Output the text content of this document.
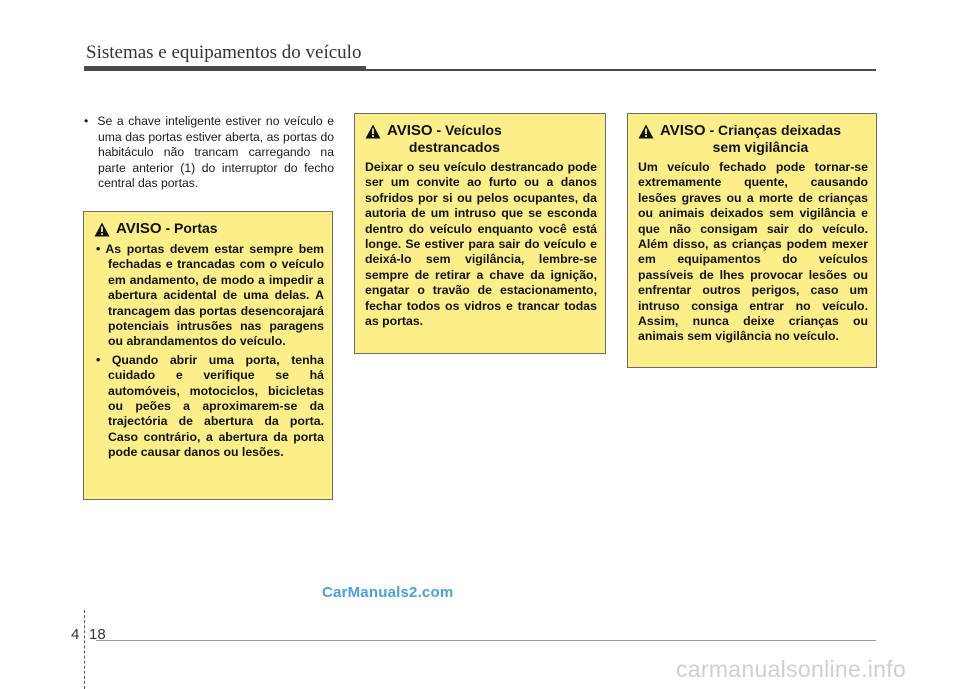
Sistemas e equipamentos do veículo
• Se a chave inteligente estiver no veículo e uma das portas estiver aberta, as portas do habitáculo não trancam carregando na parte anterior (1) do interruptor do fecho central das portas.
AVISO - Portas
• As portas devem estar sempre bem fechadas e trancadas com o veículo em andamento, de modo a impedir a abertura acidental de uma delas. A trancagem das portas desencorajará potenciais intrusões nas paragens ou abrandamentos do veículo.
• Quando abrir uma porta, tenha cuidado e verifique se há automóveis, motociclos, bicicletas ou peões a aproximarem-se da trajectória de abertura da porta. Caso contrário, a abertura da porta pode causar danos ou lesões.
AVISO - Veículos
destrancados
Deixar o seu veículo destrancado pode ser um convite ao furto ou a danos sofridos por si ou pelos ocupantes, da autoria de um intruso que se esconda dentro do veículo enquanto você está longe. Se estiver para sair do veículo e deixá-lo sem vigilância, lembre-se sempre de retirar a chave da ignição, engatar o travão de estacionamento, fechar todos os vidros e trancar todas as portas.
AVISO - Crianças deixadas
sem vigilância
Um veículo fechado pode tornar-se extremamente quente, causando lesões graves ou a morte de crianças ou animais deixados sem vigilância e que não consigam sair do veículo. Além disso, as crianças podem mexer em equipamentos do veículos passíveis de lhes provocar lesões ou enfrentar outros perigos, caso um intruso consiga entrar no veículo. Assim, nunca deixe crianças ou animais sem vigilância no veículo.
CarManuals2.com
4 18
carmanualsonline.info
